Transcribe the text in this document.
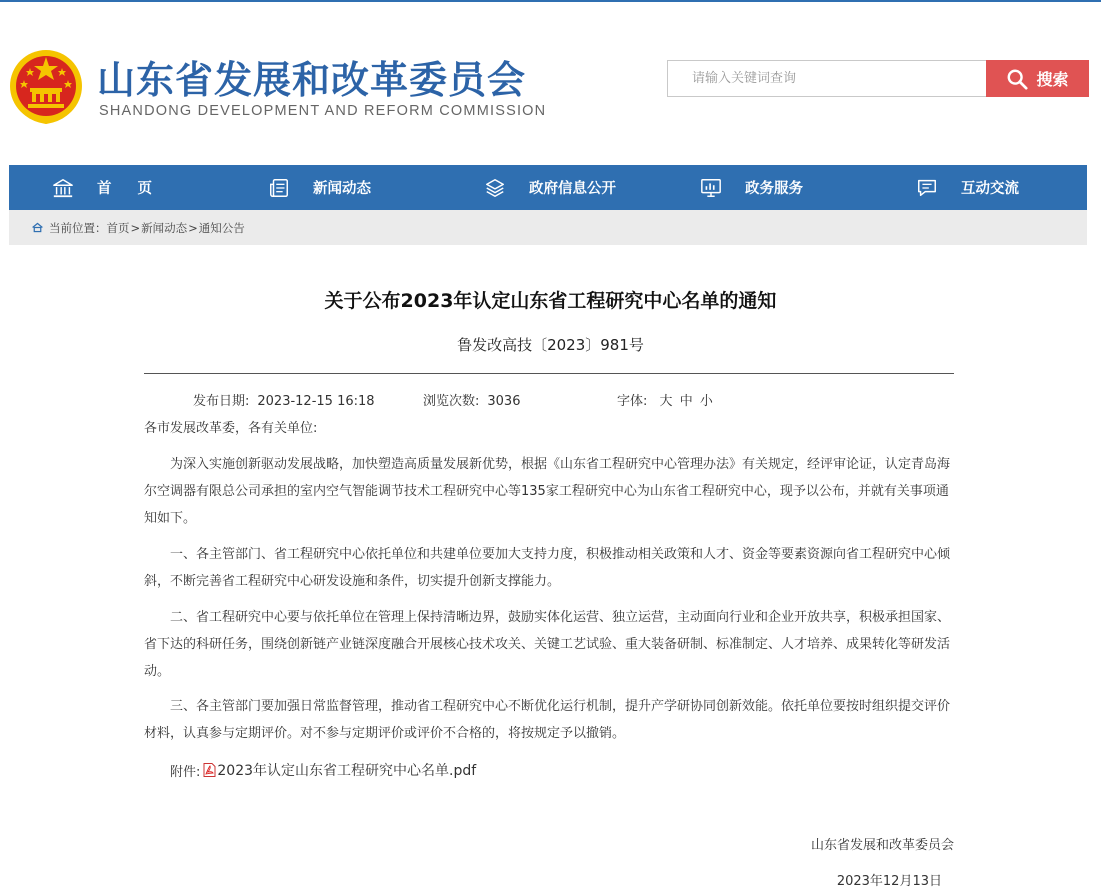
山东省发展和改革委员会
SHANDONG DEVELOPMENT AND REFORM COMMISSION
请输入关键词查询
搜索
首页	新闻动态	政府信息公开	政务服务	互动交流
当前位置： 首页 > 新闻动态 > 通知公告
关于公布2023年认定山东省工程研究中心名单的通知
鲁发改高技〔2023〕981号
发布日期: 2023-12-15 16:18	浏览次数: 3036	字体: 大 中 小

各市发展改革委，各有关单位:

为深入实施创新驱动发展战略，加快塑造高质量发展新优势，根据《山东省工程研究中心管理办法》有关规定，经评审论证，认定青岛海尔空调器有限总公司承担的室内空气智能调节技术工程研究中心等135家工程研究中心为山东省工程研究中心，现予以公布，并就有关事项通知如下。

一、各主管部门、省工程研究中心依托单位和共建单位要加大支持力度，积极推动相关政策和人才、资金等要素资源向省工程研究中心倾斜，不断完善省工程研究中心研发设施和条件，切实提升创新支撑能力。

二、省工程研究中心要与依托单位在管理上保持清晰边界，鼓励实体化运营、独立运营，主动面向行业和企业开放共享，积极承担国家、省下达的科研任务，围绕创新链产业链深度融合开展核心技术攻关、关键工艺试验、重大装备研制、标准制定、人才培养、成果转化等研发活动。

三、各主管部门要加强日常监督管理，推动省工程研究中心不断优化运行机制，提升产学研协同创新效能。依托单位要按时组织提交评价材料，认真参与定期评价。对不参与定期评价或评价不合格的，将按规定予以撤销。

附件: 2023年认定山东省工程研究中心名单.pdf
山东省发展和改革委员会
2023年12月13日
